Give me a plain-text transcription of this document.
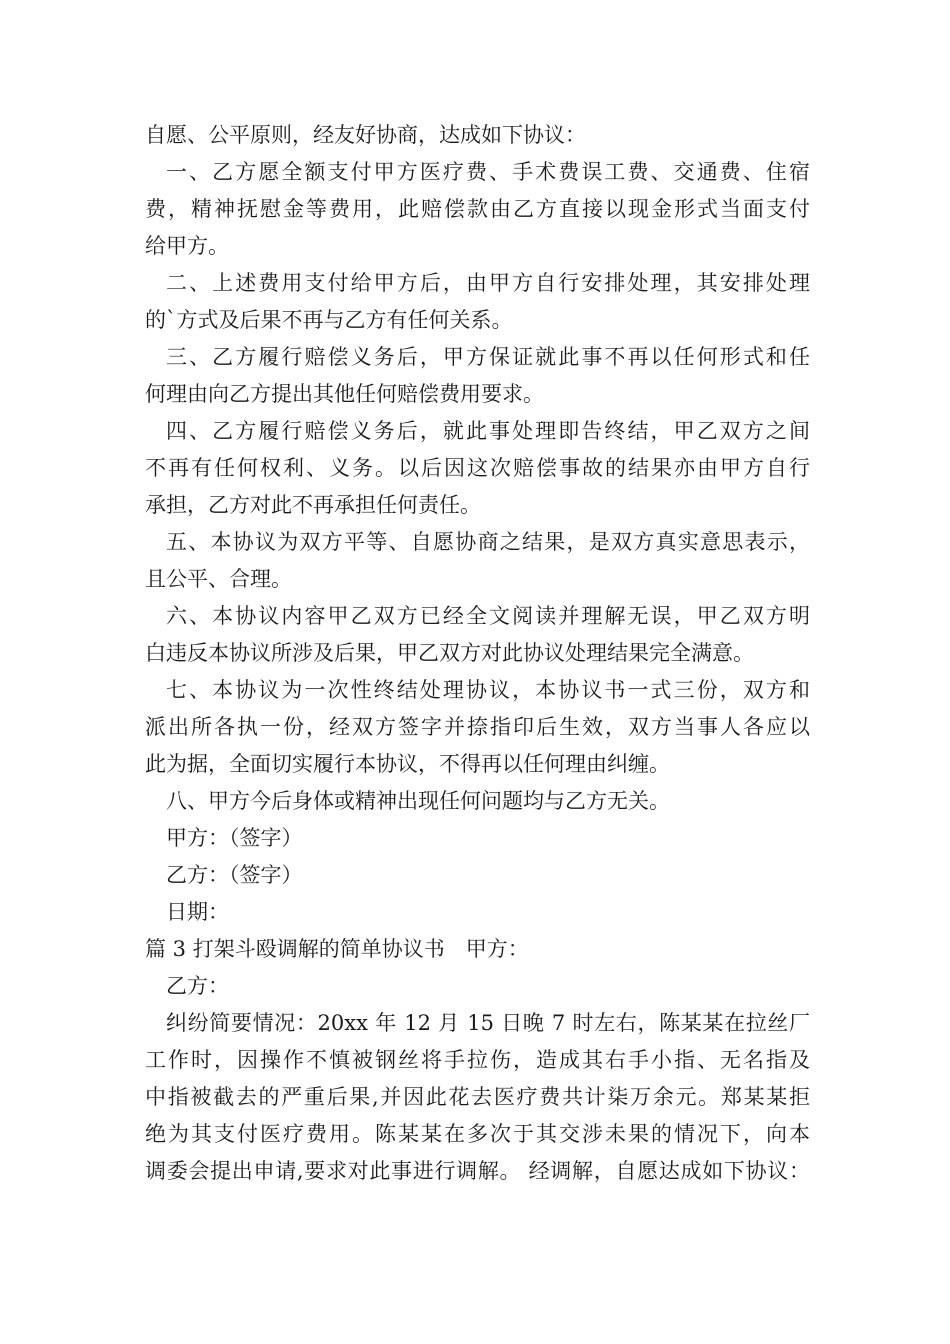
自愿、公平原则，经友好协商，达成如下协议：
一、乙方愿全额支付甲方医疗费、手术费误工费、交通费、住宿
费，精神抚慰金等费用，此赔偿款由乙方直接以现金形式当面支付
给甲方。
二、上述费用支付给甲方后，由甲方自行安排处理，其安排处理
的`方式及后果不再与乙方有任何关系。
三、乙方履行赔偿义务后，甲方保证就此事不再以任何形式和任
何理由向乙方提出其他任何赔偿费用要求。
四、乙方履行赔偿义务后，就此事处理即告终结，甲乙双方之间
不再有任何权利、义务。以后因这次赔偿事故的结果亦由甲方自行
承担，乙方对此不再承担任何责任。
五、本协议为双方平等、自愿协商之结果，是双方真实意思表示，
且公平、合理。
六、本协议内容甲乙双方已经全文阅读并理解无误，甲乙双方明
白违反本协议所涉及后果，甲乙双方对此协议处理结果完全满意。
七、本协议为一次性终结处理协议，本协议书一式三份，双方和
派出所各执一份，经双方签字并捺指印后生效，双方当事人各应以
此为据，全面切实履行本协议，不得再以任何理由纠缠。
八、甲方今后身体或精神出现任何问题均与乙方无关。
甲方：（签字）
乙方：（签字）
日期：
篇 3 打架斗殴调解的简单协议书　甲方：
乙方：
纠纷简要情况：20xx 年 12 月 15 日晚 7 时左右，陈某某在拉丝厂
工作时，因操作不慎被钢丝将手拉伤，造成其右手小指、无名指及
中指被截去的严重后果,并因此花去医疗费共计柒万余元。郑某某拒
绝为其支付医疗费用。陈某某在多次于其交涉未果的情况下，向本
调委会提出申请,要求对此事进行调解。 经调解，自愿达成如下协议：
